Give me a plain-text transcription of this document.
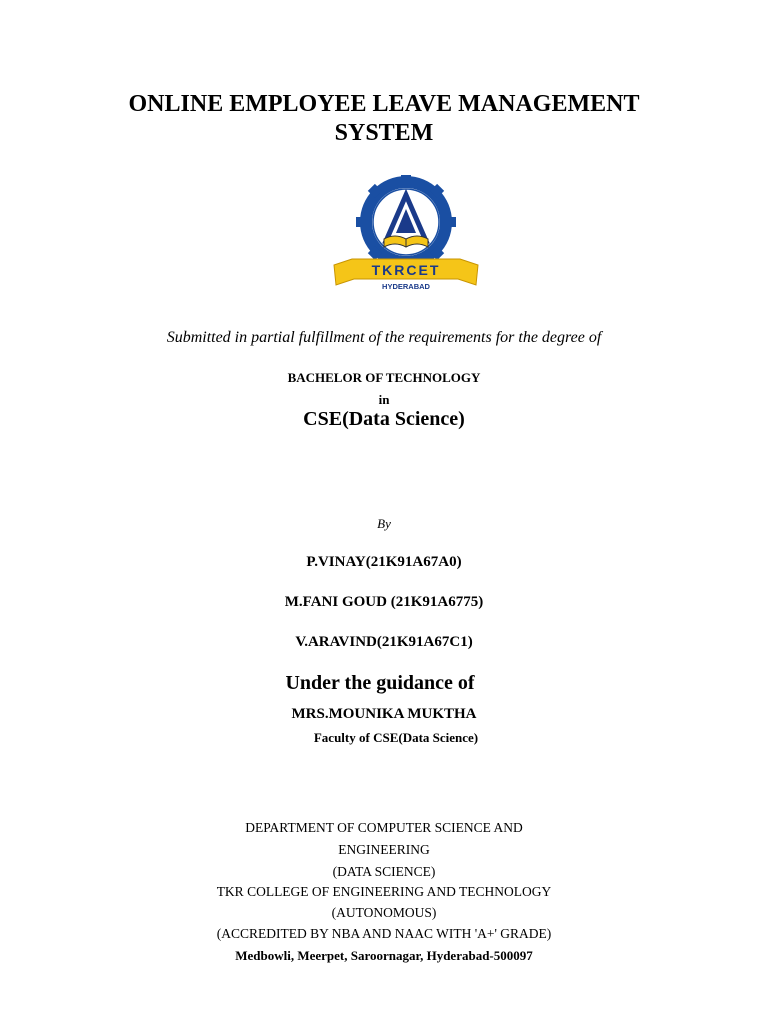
ONLINE EMPLOYEE LEAVE MANAGEMENT
SYSTEM
TKRCET
HYDERABAD
Submitted in partial fulfillment of the requirements for the degree of
BACHELOR OF TECHNOLOGY
in
CSE(Data Science)
By
P.VINAY(21K91A67A0)
M.FANI GOUD (21K91A6775)
V.ARAVIND(21K91A67C1)
Under the guidance of
MRS.MOUNIKA MUKTHA
Faculty of CSE(Data Science)
DEPARTMENT OF COMPUTER SCIENCE AND
ENGINEERING
(DATA SCIENCE)
TKR COLLEGE OF ENGINEERING AND TECHNOLOGY
(AUTONOMOUS)
(ACCREDITED BY NBA AND NAAC WITH 'A+' GRADE)
Medbowli, Meerpet, Saroornagar, Hyderabad-500097
